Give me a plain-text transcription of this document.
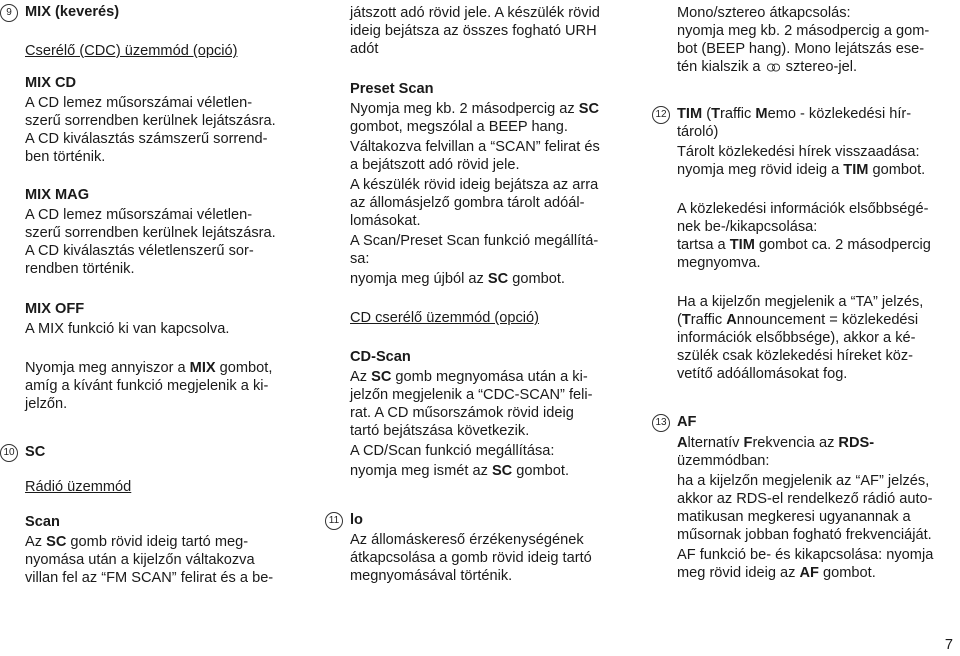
MIX (keverés)
9
Cserélő (CDC) üzemmód (opció)
MIX CD
A CD lemez műsorszámai véletlen-
szerű sorrendben kerülnek lejátszásra.
A CD kiválasztás számszerű sorrend-
ben történik.
MIX MAG
A CD lemez műsorszámai véletlen-
szerű sorrendben kerülnek lejátszásra.
A CD kiválasztás véletlenszerű sor-
rendben történik.
MIX OFF
A MIX funkció ki van kapcsolva.
Nyomja meg annyiszor a MIX gombot,
amíg a kívánt funkció megjelenik a ki-
jelzőn.
SC
10
Rádió üzemmód
Scan
Az SC gomb rövid ideig tartó meg-
nyomása után a kijelzőn váltakozva
villan fel az “FM SCAN” felirat és a be-
játszott adó rövid jele. A készülék rövid
ideig bejátsza az összes fogható URH
adót
Preset Scan
Nyomja meg kb. 2 másodpercig az SC
gombot, megszólal a BEEP hang.
Váltakozva felvillan a “SCAN” felirat és
a bejátszott adó rövid jele.
A készülék rövid ideig bejátsza az arra
az állomásjelző gombra tárolt adóál-
lomásokat.
A Scan/Preset Scan funkció megállítá-
sa:
nyomja meg újból az SC gombot.
CD cserélő üzemmód (opció)
CD-Scan
Az SC gomb megnyomása után a ki-
jelzőn megjelenik a “CDC-SCAN” feli-
rat. A CD műsorszámok rövid ideig
tartó bejátszása következik.
A CD/Scan funkció megállítása:
nyomja meg ismét az SC gombot.
lo
11
Az állomáskereső érzékenységének
átkapcsolása a gomb rövid ideig tartó
megnyomásával történik.
Mono/sztereo átkapcsolás:
nyomja meg kb. 2 másodpercig a gom-
bot (BEEP hang). Mono lejátszás ese-
tén kialszik a  sztereo-jel.
TIM (Traffic Memo - közlekedési hír-
12
tároló)
Tárolt közlekedési hírek visszaadása:
nyomja meg rövid ideig a TIM gombot.
A közlekedési információk elsőbbségé-
nek be-/kikapcsolása:
tartsa a TIM gombot ca. 2 másodpercig
megnyomva.
Ha a kijelzőn megjelenik a “TA” jelzés,
(Traffic Announcement = közlekedési
információk elsőbbsége), akkor a ké-
szülék csak közlekedési híreket köz-
vetítő adóállomásokat fog.
AF
13
Alternatív Frekvencia az RDS-
üzemmódban:
ha a kijelzőn megjelenik az “AF” jelzés,
akkor az RDS-el rendelkező rádió auto-
matikusan megkeresi ugyanannak a
műsornak jobban fogható frekvenciáját.
AF funkció be- és kikapcsolása: nyomja
meg rövid ideig az AF gombot.
7
